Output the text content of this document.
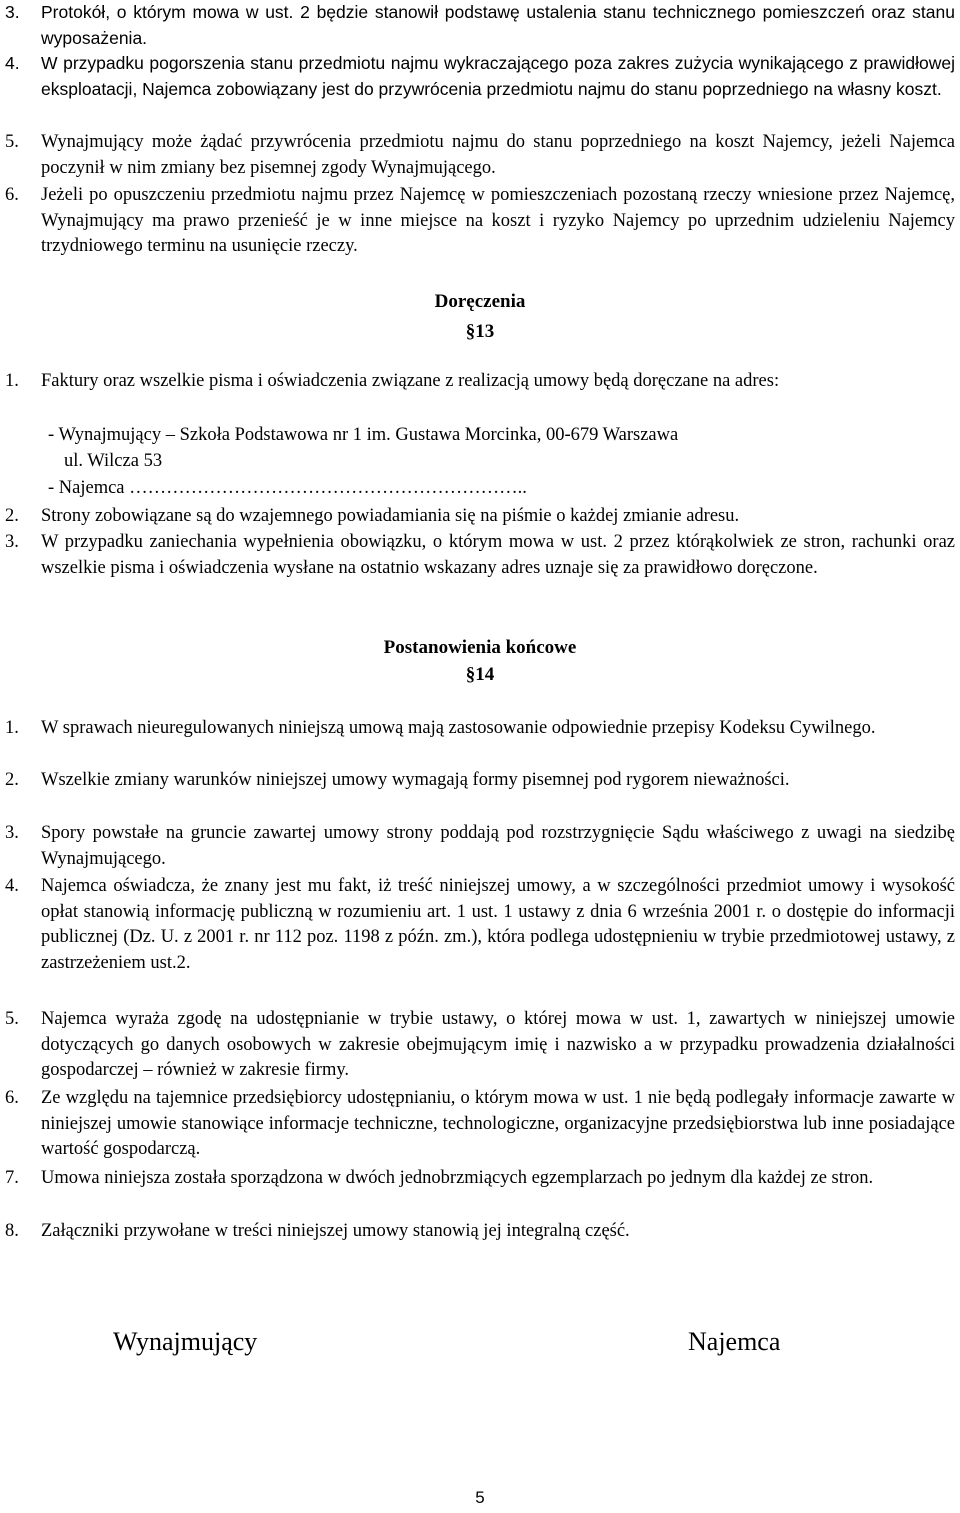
3.	Protokół, o którym mowa w ust. 2 będzie stanowił podstawę ustalenia stanu technicznego pomieszczeń oraz stanu wyposażenia.
4.	W przypadku pogorszenia stanu przedmiotu najmu wykraczającego poza zakres zużycia wynikającego z prawidłowej eksploatacji, Najemca zobowiązany jest do przywrócenia przedmiotu najmu do stanu poprzedniego na własny koszt.
5.	Wynajmujący może żądać przywrócenia przedmiotu najmu do stanu poprzedniego na koszt Najemcy, jeżeli Najemca poczynił w nim zmiany bez pisemnej zgody Wynajmującego.
6.	Jeżeli po opuszczeniu przedmiotu najmu przez Najemcę w pomieszczeniach pozostaną rzeczy wniesione przez Najemcę, Wynajmujący ma prawo przenieść je w inne miejsce na koszt i ryzyko Najemcy po uprzednim udzieleniu Najemcy trzydniowego terminu na usunięcie rzeczy.
Doręczenia
§13
1.	Faktury oraz wszelkie pisma i oświadczenia związane z realizacją umowy będą doręczane na adres:
- Wynajmujący – Szkoła Podstawowa nr 1 im. Gustawa Morcinka, 00-679 Warszawa
ul. Wilcza 53
- Najemca ………………………………………………………..
2.	Strony zobowiązane są do wzajemnego powiadamiania się na piśmie o każdej zmianie adresu.
3.	W przypadku zaniechania wypełnienia obowiązku, o którym mowa w ust. 2 przez którąkolwiek ze stron, rachunki oraz wszelkie pisma i oświadczenia wysłane na ostatnio wskazany adres uznaje się za prawidłowo doręczone.
Postanowienia końcowe
§14
1.	W sprawach nieuregulowanych niniejszą umową mają zastosowanie odpowiednie przepisy Kodeksu Cywilnego.
2.	Wszelkie zmiany warunków niniejszej umowy wymagają formy pisemnej pod rygorem nieważności.
3.	Spory powstałe na gruncie zawartej umowy strony poddają pod rozstrzygnięcie Sądu właściwego z uwagi na siedzibę Wynajmującego.
4.	Najemca oświadcza, że znany jest mu fakt, iż treść niniejszej umowy, a w szczególności przedmiot umowy i wysokość opłat stanowią informację publiczną w rozumieniu art. 1 ust. 1 ustawy z dnia 6 września 2001 r. o dostępie do informacji publicznej (Dz. U. z 2001 r. nr 112 poz. 1198 z późn. zm.), która podlega udostępnieniu w trybie przedmiotowej ustawy, z zastrzeżeniem ust.2.
5.	Najemca wyraża zgodę na udostępnianie w trybie ustawy, o której mowa w ust. 1, zawartych w niniejszej umowie dotyczących go danych osobowych w zakresie obejmującym imię i nazwisko a w przypadku prowadzenia działalności gospodarczej – również w zakresie firmy.
6.	Ze względu na tajemnice przedsiębiorcy udostępnianiu, o którym mowa w ust. 1 nie będą podlegały informacje zawarte w niniejszej umowie stanowiące informacje techniczne, technologiczne, organizacyjne przedsiębiorstwa lub inne posiadające wartość gospodarczą.
7.	Umowa niniejsza została sporządzona w dwóch jednobrzmiących egzemplarzach po jednym dla każdej ze stron.
8.	Załączniki przywołane w treści niniejszej umowy stanowią jej integralną część.
Wynajmujący	Najemca
5
